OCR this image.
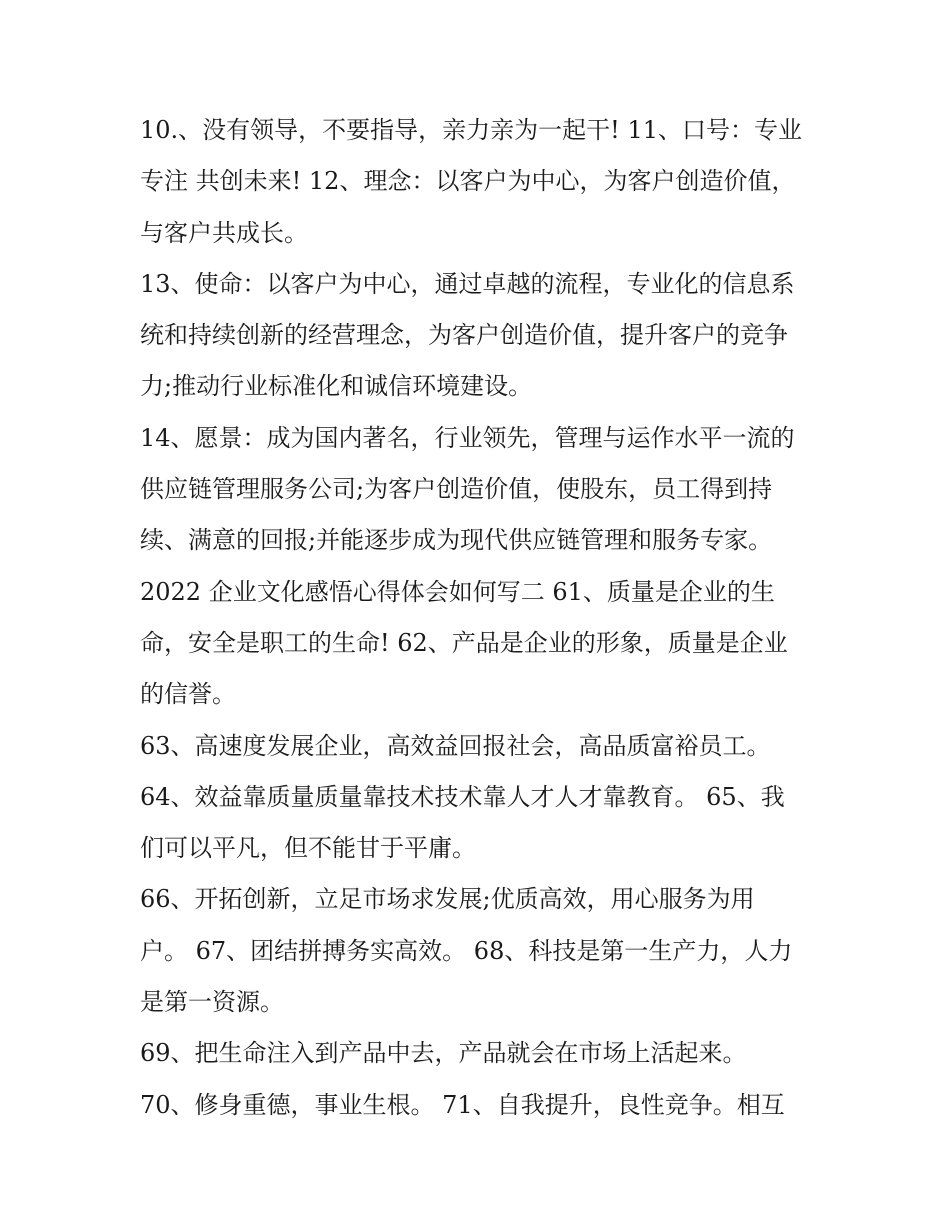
10.、没有领导，不要指导，亲力亲为一起干! 11、口号：专业
专注 共创未来! 12、理念：以客户为中心，为客户创造价值，
与客户共成长。
13、使命：以客户为中心，通过卓越的流程，专业化的信息系
统和持续创新的经营理念，为客户创造价值，提升客户的竞争
力;推动行业标准化和诚信环境建设。
14、愿景：成为国内著名，行业领先，管理与运作水平一流的
供应链管理服务公司;为客户创造价值，使股东，员工得到持
续、满意的回报;并能逐步成为现代供应链管理和服务专家。
2022 企业文化感悟心得体会如何写二 61、质量是企业的生
命，安全是职工的生命! 62、产品是企业的形象，质量是企业
的信誉。
63、高速度发展企业，高效益回报社会，高品质富裕员工。
64、效益靠质量质量靠技术技术靠人才人才靠教育。 65、我
们可以平凡，但不能甘于平庸。
66、开拓创新，立足市场求发展;优质高效，用心服务为用
户。 67、团结拼搏务实高效。 68、科技是第一生产力，人力
是第一资源。
69、把生命注入到产品中去，产品就会在市场上活起来。
70、修身重德，事业生根。 71、自我提升，良性竞争。相互
